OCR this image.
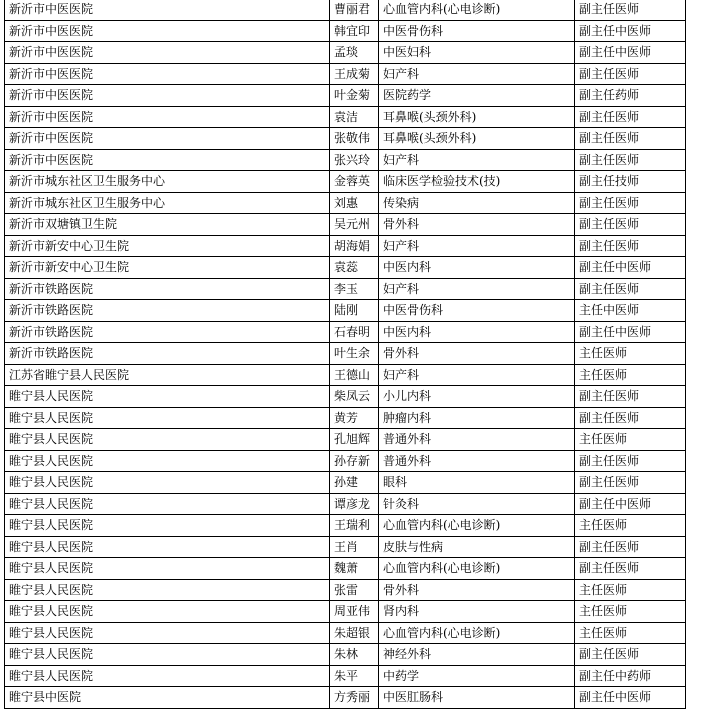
新沂市中医医院	曹丽君	心血管内科(心电诊断)	副主任医师
新沂市中医医院	韩宜印	中医骨伤科	副主任中医师
新沂市中医医院	孟琰	中医妇科	副主任中医师
新沂市中医医院	王成菊	妇产科	副主任医师
新沂市中医医院	叶金菊	医院药学	副主任药师
新沂市中医医院	袁洁	耳鼻喉(头颈外科)	副主任医师
新沂市中医医院	张敬伟	耳鼻喉(头颈外科)	副主任医师
新沂市中医医院	张兴玲	妇产科	副主任医师
新沂市城东社区卫生服务中心	金蓉英	临床医学检验技术(技)	副主任技师
新沂市城东社区卫生服务中心	刘惠	传染病	副主任医师
新沂市双塘镇卫生院	吴元州	骨外科	副主任医师
新沂市新安中心卫生院	胡海娟	妇产科	副主任医师
新沂市新安中心卫生院	袁蕊	中医内科	副主任中医师
新沂市铁路医院	李玉	妇产科	副主任医师
新沂市铁路医院	陆刚	中医骨伤科	主任中医师
新沂市铁路医院	石春明	中医内科	副主任中医师
新沂市铁路医院	叶生余	骨外科	主任医师
江苏省睢宁县人民医院	王德山	妇产科	主任医师
睢宁县人民医院	柴凤云	小儿内科	副主任医师
睢宁县人民医院	黄芳	肿瘤内科	副主任医师
睢宁县人民医院	孔旭辉	普通外科	主任医师
睢宁县人民医院	孙存新	普通外科	副主任医师
睢宁县人民医院	孙建	眼科	副主任医师
睢宁县人民医院	谭彦龙	针灸科	副主任中医师
睢宁县人民医院	王瑞利	心血管内科(心电诊断)	主任医师
睢宁县人民医院	王肖	皮肤与性病	副主任医师
睢宁县人民医院	魏萧	心血管内科(心电诊断)	副主任医师
睢宁县人民医院	张雷	骨外科	主任医师
睢宁县人民医院	周亚伟	肾内科	主任医师
睢宁县人民医院	朱超银	心血管内科(心电诊断)	主任医师
睢宁县人民医院	朱林	神经外科	副主任医师
睢宁县人民医院	朱平	中药学	副主任中药师
睢宁县中医院	方秀丽	中医肛肠科	副主任中医师
